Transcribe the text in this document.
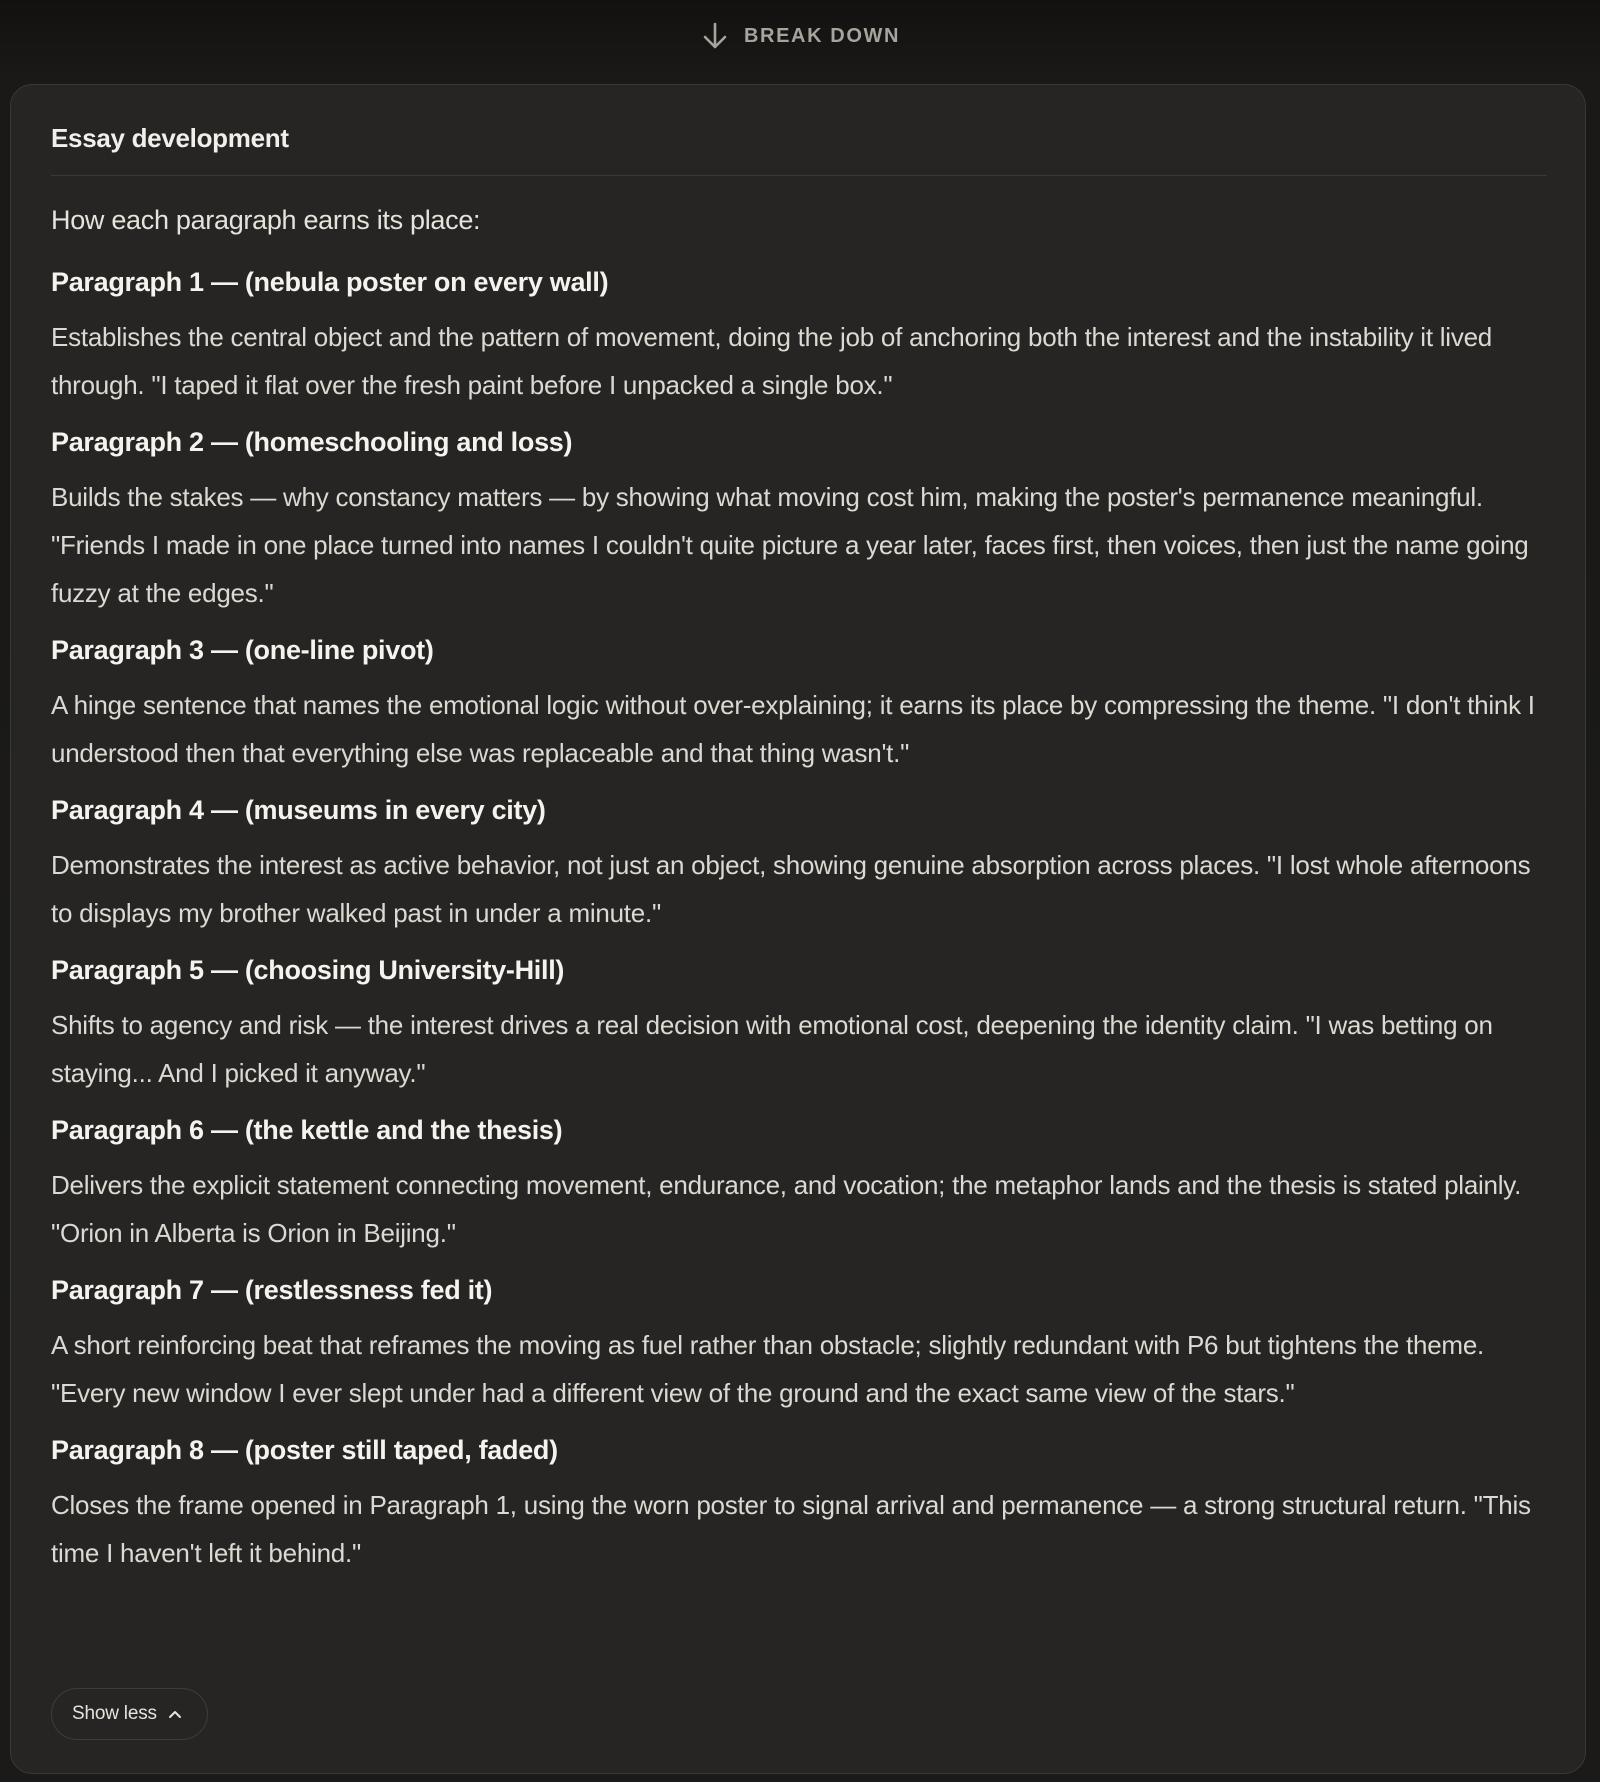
BREAK DOWN
Essay development
How each paragraph earns its place:
Paragraph 1 — (nebula poster on every wall)
Establishes the central object and the pattern of movement, doing the job of anchoring both the interest and the instability it lived through. "I taped it flat over the fresh paint before I unpacked a single box."
Paragraph 2 — (homeschooling and loss)
Builds the stakes — why constancy matters — by showing what moving cost him, making the poster's permanence meaningful. "Friends I made in one place turned into names I couldn't quite picture a year later, faces first, then voices, then just the name going fuzzy at the edges."
Paragraph 3 — (one-line pivot)
A hinge sentence that names the emotional logic without over-explaining; it earns its place by compressing the theme. "I don't think I understood then that everything else was replaceable and that thing wasn't."
Paragraph 4 — (museums in every city)
Demonstrates the interest as active behavior, not just an object, showing genuine absorption across places. "I lost whole afternoons to displays my brother walked past in under a minute."
Paragraph 5 — (choosing University-Hill)
Shifts to agency and risk — the interest drives a real decision with emotional cost, deepening the identity claim. "I was betting on staying... And I picked it anyway."
Paragraph 6 — (the kettle and the thesis)
Delivers the explicit statement connecting movement, endurance, and vocation; the metaphor lands and the thesis is stated plainly. "Orion in Alberta is Orion in Beijing."
Paragraph 7 — (restlessness fed it)
A short reinforcing beat that reframes the moving as fuel rather than obstacle; slightly redundant with P6 but tightens the theme. "Every new window I ever slept under had a different view of the ground and the exact same view of the stars."
Paragraph 8 — (poster still taped, faded)
Closes the frame opened in Paragraph 1, using the worn poster to signal arrival and permanence — a strong structural return. "This time I haven't left it behind."
Show less
